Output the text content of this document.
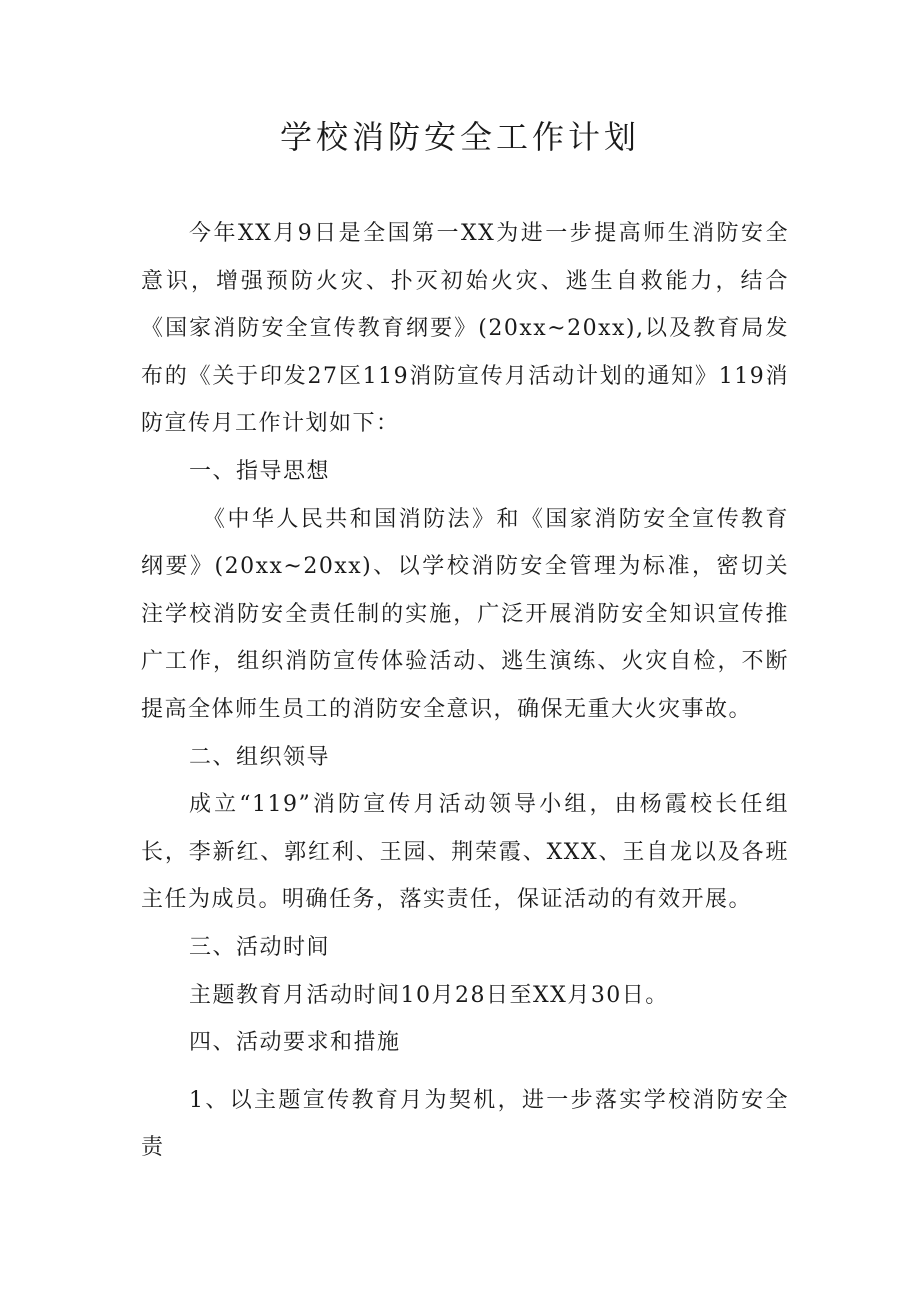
学校消防安全工作计划

今年XX月9日是全国第一XX为进一步提高师生消防安全意识，增强预防火灾、扑灭初始火灾、逃生自救能力，结合《国家消防安全宣传教育纲要》(20xx~20xx),以及教育局发布的《关于印发27区119消防宣传月活动计划的通知》119消防宣传月工作计划如下：

一、指导思想

《中华人民共和国消防法》和《国家消防安全宣传教育纲要》(20xx~20xx)、以学校消防安全管理为标准，密切关注学校消防安全责任制的实施，广泛开展消防安全知识宣传推广工作，组织消防宣传体验活动、逃生演练、火灾自检，不断提高全体师生员工的消防安全意识，确保无重大火灾事故。

二、组织领导

成立“119”消防宣传月活动领导小组，由杨霞校长任组长，李新红、郭红利、王园、荆荣霞、XXX、王自龙以及各班主任为成员。明确任务，落实责任，保证活动的有效开展。

三、活动时间

主题教育月活动时间10月28日至XX月30日。

四、活动要求和措施

1、以主题宣传教育月为契机，进一步落实学校消防安全责
